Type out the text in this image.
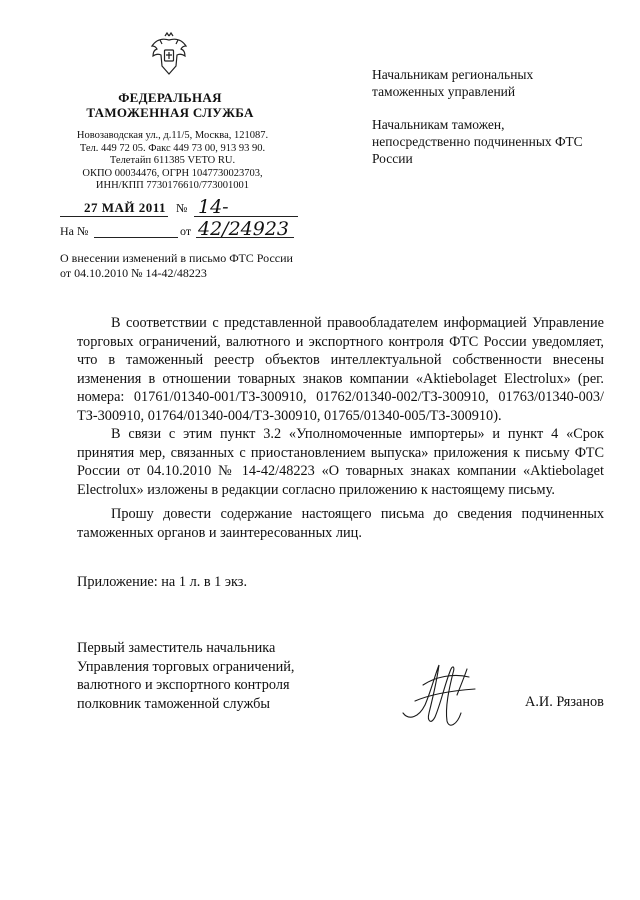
ФЕДЕРАЛЬНАЯ
ТАМОЖЕННАЯ СЛУЖБА
Новозаводская ул., д.11/5, Москва, 121087.
Тел. 449 72 05. Факс 449 73 00, 913 93 90.
Телетайп 611385 VETO RU.
ОКПО 00034476, ОГРН 1047730023703,
ИНН/КПП 7730176610/773001001
27 МАЙ 2011 № 14-42/24923
На №	от
О внесении изменений в письмо ФТС России от 04.10.2010 № 14-42/48223

Начальникам региональных таможенных управлений

Начальникам таможен, непосредственно подчиненных ФТС России

В соответствии с представленной правообладателем информацией Управление торговых ограничений, валютного и экспортного контроля ФТС России уведомляет, что в таможенный реестр объектов интеллектуальной собственности внесены изменения в отношении товарных знаков компании «Aktiebolaget Electrolux» (рег. номера: 01761/01340-001/ТЗ-300910, 01762/01340-002/ТЗ-300910, 01763/01340-003/ТЗ-300910, 01764/01340-004/ТЗ-300910, 01765/01340-005/ТЗ-300910).

В связи с этим пункт 3.2 «Уполномоченные импортеры» и пункт 4 «Срок принятия мер, связанных с приостановлением выпуска» приложения к письму ФТС России от 04.10.2010 № 14-42/48223 «О товарных знаках компании «Aktiebolaget Electrolux» изложены в редакции согласно приложению к настоящему письму.

Прошу довести содержание настоящего письма до сведения подчиненных таможенных органов и заинтересованных лиц.

Приложение: на 1 л. в 1 экз.
Первый заместитель начальника
Управления торговых ограничений,
валютного и экспортного контроля
полковник таможенной службы	А.И. Рязанов
